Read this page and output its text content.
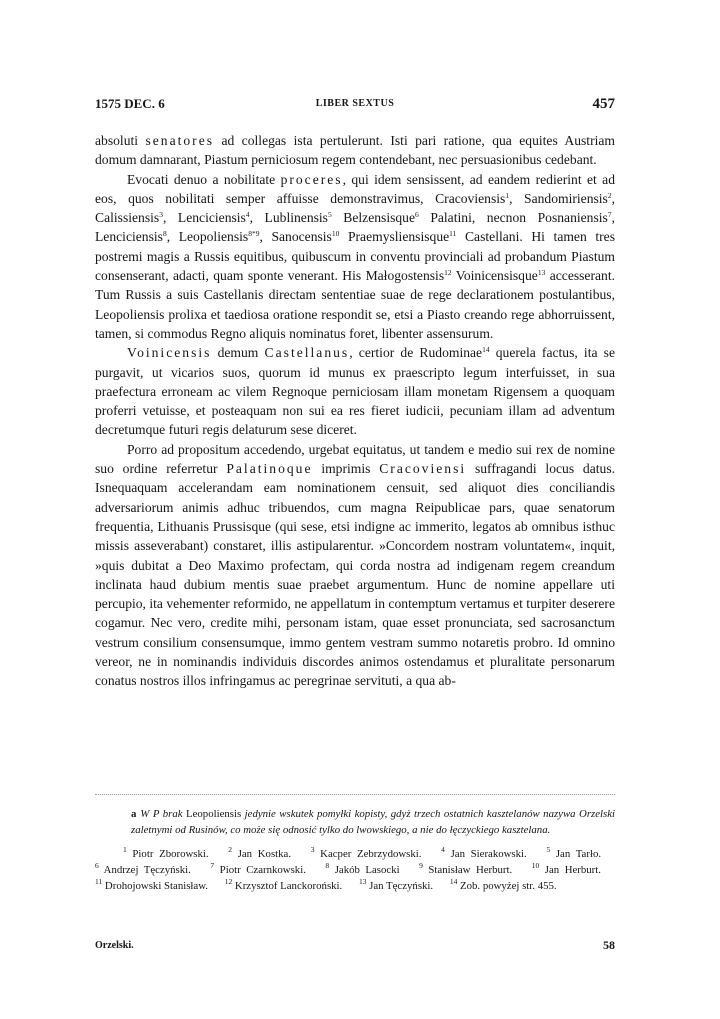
1575 DEC. 6	LIBER SEXTUS	457

absoluti senatores ad collegas ista pertulerunt. Isti pari ratione, qua equites Austriam domum damnarant, Piastum perniciosum regem contendebant, nec persuasionibus cedebant.

Evocati denuo a nobilitate proceres, qui idem sensissent, ad eandem redierint et ad eos, quos nobilitati semper affuisse demonstravimus, Cracoviensis$^1$, Sandomiriensis$^2$, Calissiensis$^3$, Lenciciensis$^4$, Lublinensis$^5$ Belzensisque$^6$ Palatini, necnon Posnaniensis$^7$, Lenciciensis$^8$, Leopoliensis$^{8*9}$, Sanocensis$^{10}$ Praemysliensisque$^{11}$ Castellani. Hi tamen tres postremi magis a Russis equitibus, quibuscum in conventu provinciali ad probandum Piastum consenserant, adacti, quam sponte venerant. His Małogostensis$^{12}$ Voinicensisque$^{13}$ accesserant. Tum Russis a suis Castellanis directam sententiae suae de rege declarationem postulantibus, Leopoliensis prolixa et taediosa oratione respondit se, etsi a Piasto creando rege abhorruissent, tamen, si commodus Regno aliquis nominatus foret, libenter assensurum.

Voinicensis demum Castellanus, certior de Rudominae$^{14}$ querela factus, ita se purgavit, ut vicarios suos, quorum id munus ex praescripto legum interfuisset, in sua praefectura erroneam ac vilem Regnoque perniciosam illam monetam Rigensem a quoquam proferri vetuisse, et posteaquam non sui ea res fieret iudicii, pecuniam illam ad adventum decretumque futuri regis delaturum sese diceret.

Porro ad propositum accedendo, urgebat equitatus, ut tandem e medio sui rex de nomine suo ordine referretur Palatinoque imprimis Cracoviensi suffragandi locus datus. Isnequaquam accelerandam eam nominationem censuit, sed aliquot dies conciliandis adversariorum animis adhuc tribuendos, cum magna Reipublicae pars, quae senatorum frequentia, Lithuanis Prussisque (qui sese, etsi indigne ac immerito, legatos ab omnibus isthuc missis asseverabant) constaret, illis astipularentur. »Concordem nostram voluntatem«, inquit, »quis dubitat a Deo Maximo profectam, qui corda nostra ad indigenam regem creandum inclinata haud dubium mentis suae praebet argumentum. Hunc de nomine appellare uti percupio, ita vehementer reformido, ne appellatum in contemptum vertamus et turpiter deserere cogamur. Nec vero, credite mihi, personam istam, quae esset pronunciata, sed sacrosanctum vestrum consilium consensumque, immo gentem vestram summo notaretis probro. Id omnino vereor, ne in nominandis individuis discordes animos ostendamus et pluralitate personarum conatus nostros illos infringamus ac peregrinae servituti, a qua ab-

a W P brak Leopoliensis jedynie wskutek pomyłki kopisty, gdyż trzech ostatnich kasztelanów nazywa Orzelski zaletnymi od Rusinów, co może się odnosić tylko do lwowskiego, a nie do łęczyckiego kasztelana.

$^1$ Piotr Zborowski.	$^2$ Jan Kostka.	$^3$ Kacper Zebrzydowski.	$^4$ Jan Sierakowski.	$^5$ Jan Tarło. $^6$ Andrzej Tęczyński.	$^7$ Piotr Czarnkowski.	$^8$ Jakób Lasocki	$^9$ Stanisław Herburt.	$^{10}$ Jan Herburt. $^{11}$ Drohojowski Stanisław. $^{12}$ Krzysztof Lanckoroński. $^{13}$ Jan Tęczyński. $^{14}$ Zob. powyżej str. 455.

Orzelski.	58
